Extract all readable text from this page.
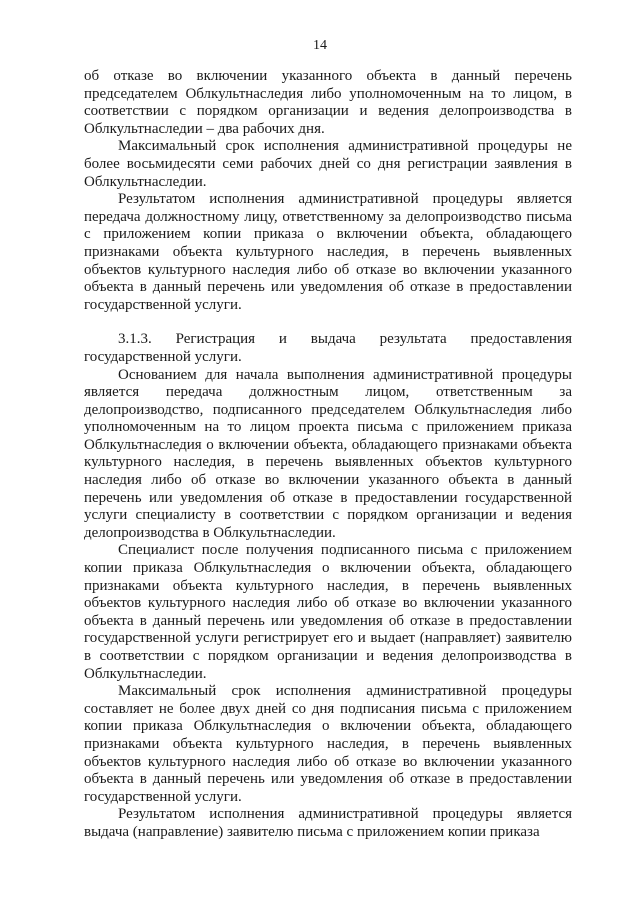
14

об отказе во включении указанного объекта в данный перечень председателем Облкультнаследия либо уполномоченным на то лицом, в соответствии с порядком организации и ведения делопроизводства в Облкультнаследии – два рабочих дня.

Максимальный срок исполнения административной процедуры не более восьмидесяти семи рабочих дней со дня регистрации заявления в Облкультнаследии.

Результатом исполнения административной процедуры является передача должностному лицу, ответственному за делопроизводство письма с приложением копии приказа о включении объекта, обладающего признаками объекта культурного наследия, в перечень выявленных объектов культурного наследия либо об отказе во включении указанного объекта в данный перечень или уведомления об отказе в предоставлении государственной услуги.

3.1.3. Регистрация и выдача результата предоставления государственной услуги.

Основанием для начала выполнения административной процедуры является передача должностным лицом, ответственным за делопроизводство, подписанного председателем Облкультнаследия либо уполномоченным на то лицом проекта письма с приложением приказа Облкультнаследия о включении объекта, обладающего признаками объекта культурного наследия, в перечень выявленных объектов культурного наследия либо об отказе во включении указанного объекта в данный перечень или уведомления об отказе в предоставлении государственной услуги специалисту в соответствии с порядком организации и ведения делопроизводства в Облкультнаследии.

Специалист после получения подписанного письма с приложением копии приказа Облкультнаследия о включении объекта, обладающего признаками объекта культурного наследия, в перечень выявленных объектов культурного наследия либо об отказе во включении указанного объекта в данный перечень или уведомления об отказе в предоставлении государственной услуги регистрирует его и выдает (направляет) заявителю в соответствии с порядком организации и ведения делопроизводства в Облкультнаследии.

Максимальный срок исполнения административной процедуры составляет не более двух дней со дня подписания письма с приложением копии приказа Облкультнаследия о включении объекта, обладающего признаками объекта культурного наследия, в перечень выявленных объектов культурного наследия либо об отказе во включении указанного объекта в данный перечень или уведомления об отказе в предоставлении государственной услуги.

Результатом исполнения административной процедуры является выдача (направление) заявителю письма с приложением копии приказа
